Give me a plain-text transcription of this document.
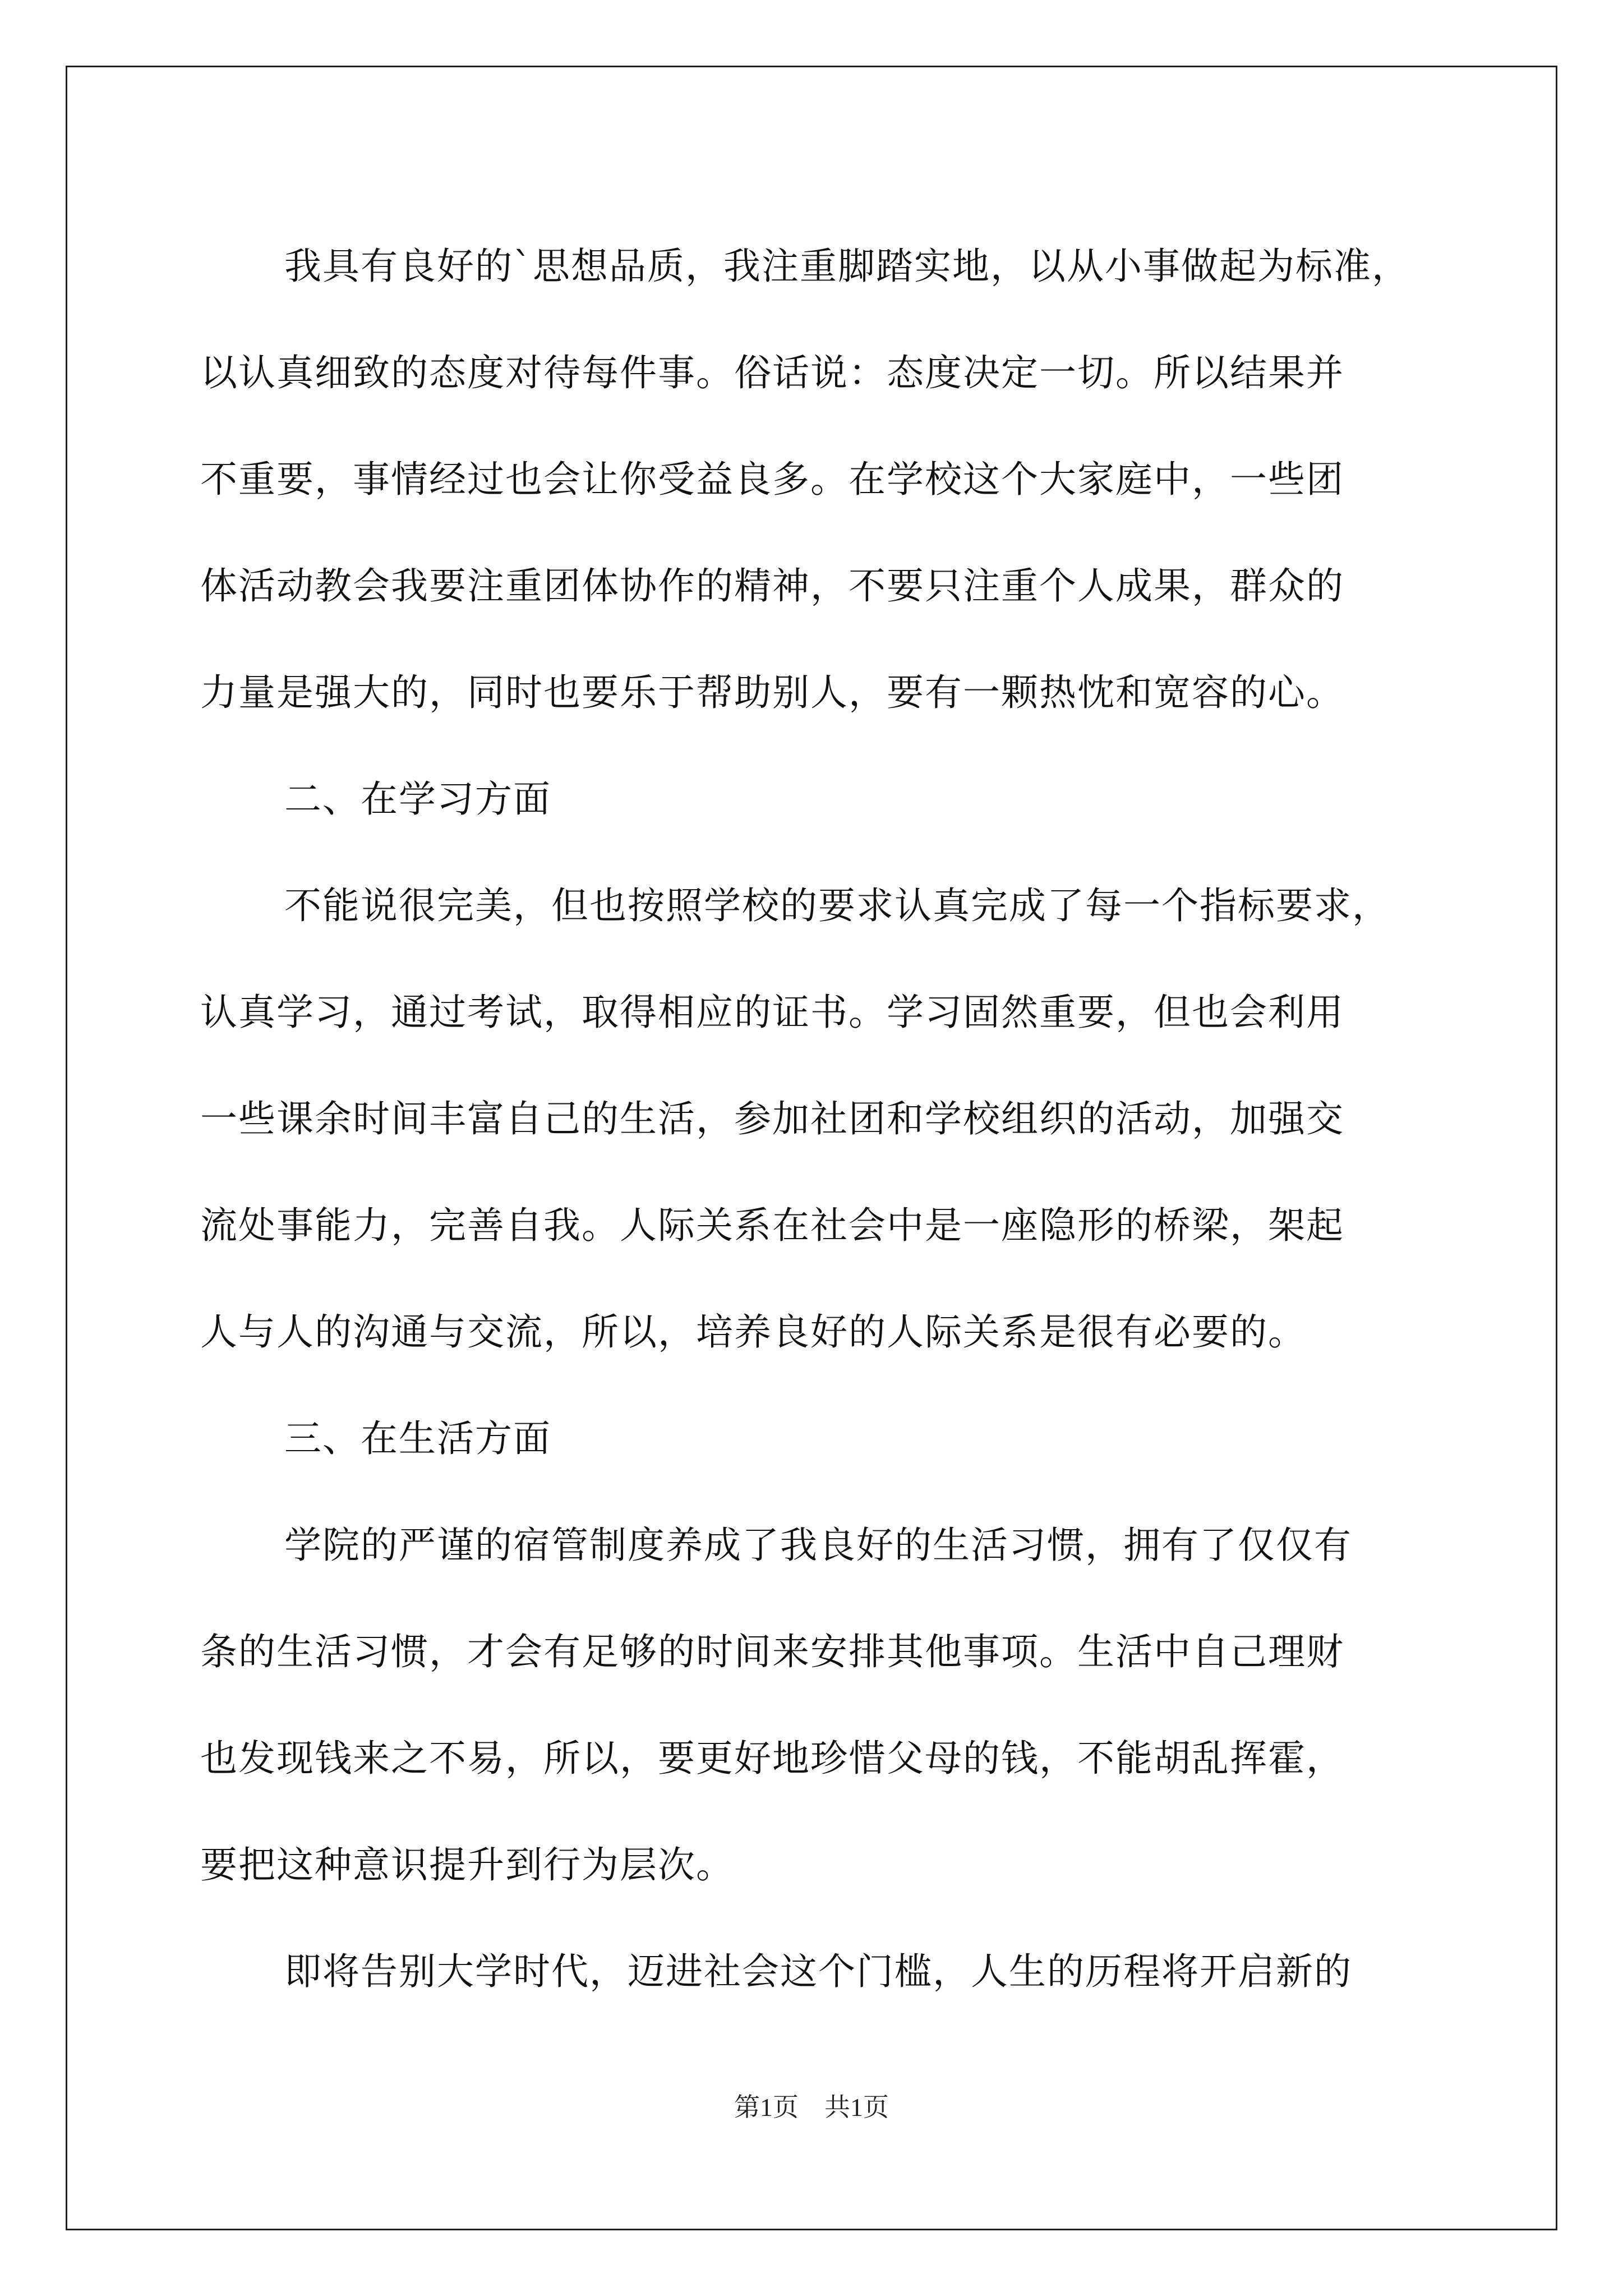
我具有良好的`思想品质，我注重脚踏实地，以从小事做起为标准，
以认真细致的态度对待每件事。俗话说：态度决定一切。所以结果并
不重要，事情经过也会让你受益良多。在学校这个大家庭中，一些团
体活动教会我要注重团体协作的精神，不要只注重个人成果，群众的
力量是强大的，同时也要乐于帮助别人，要有一颗热忱和宽容的心。
二、在学习方面
不能说很完美，但也按照学校的要求认真完成了每一个指标要求，
认真学习，通过考试，取得相应的证书。学习固然重要，但也会利用
一些课余时间丰富自己的生活，参加社团和学校组织的活动，加强交
流处事能力，完善自我。人际关系在社会中是一座隐形的桥梁，架起
人与人的沟通与交流，所以，培养良好的人际关系是很有必要的。
三、在生活方面
学院的严谨的宿管制度养成了我良好的生活习惯，拥有了仅仅有
条的生活习惯，才会有足够的时间来安排其他事项。生活中自己理财
也发现钱来之不易，所以，要更好地珍惜父母的钱，不能胡乱挥霍，
要把这种意识提升到行为层次。
即将告别大学时代，迈进社会这个门槛，人生的历程将开启新的
第1页　共1页
